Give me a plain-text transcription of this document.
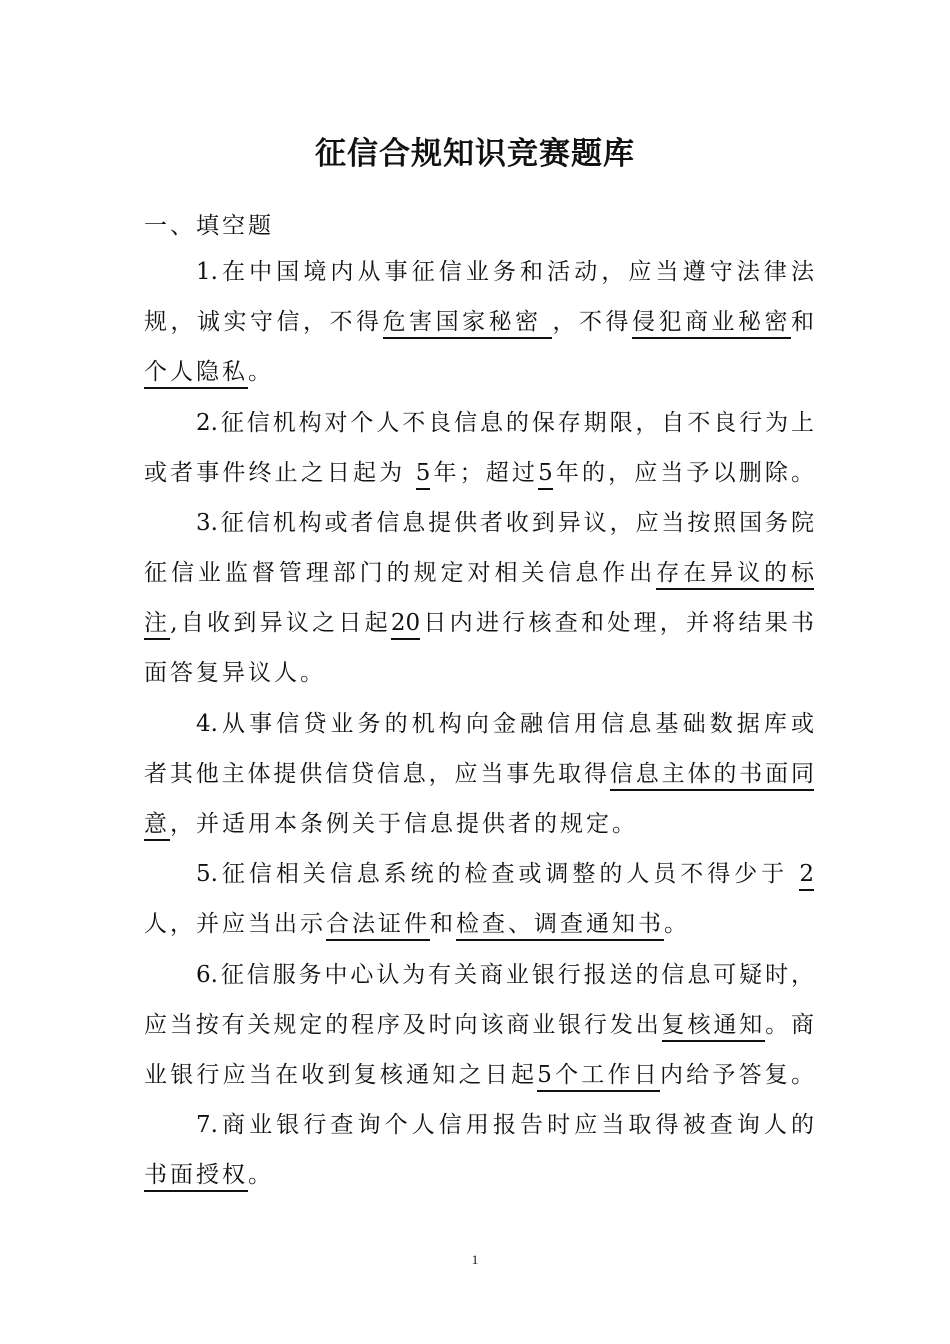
征信合规知识竞赛题库
一、填空题
1.在中国境内从事征信业务和活动，应当遵守法律法
规，诚实守信，不得危害国家秘密 ，不得侵犯商业秘密和
个人隐私。
2.征信机构对个人不良信息的保存期限，自不良行为上
或者事件终止之日起为 5年；超过5年的，应当予以删除。
3.征信机构或者信息提供者收到异议，应当按照国务院
征信业监督管理部门的规定对相关信息作出存在异议的标
注,自收到异议之日起20日内进行核查和处理，并将结果书
面答复异议人。
4.从事信贷业务的机构向金融信用信息基础数据库或
者其他主体提供信贷信息，应当事先取得信息主体的书面同
意，并适用本条例关于信息提供者的规定。
5.征信相关信息系统的检查或调整的人员不得少于 2
人，并应当出示合法证件和检查、调查通知书。
6.征信服务中心认为有关商业银行报送的信息可疑时，
应当按有关规定的程序及时向该商业银行发出复核通知。商
业银行应当在收到复核通知之日起5个工作日内给予答复。
7.商业银行查询个人信用报告时应当取得被查询人的
书面授权。
1
